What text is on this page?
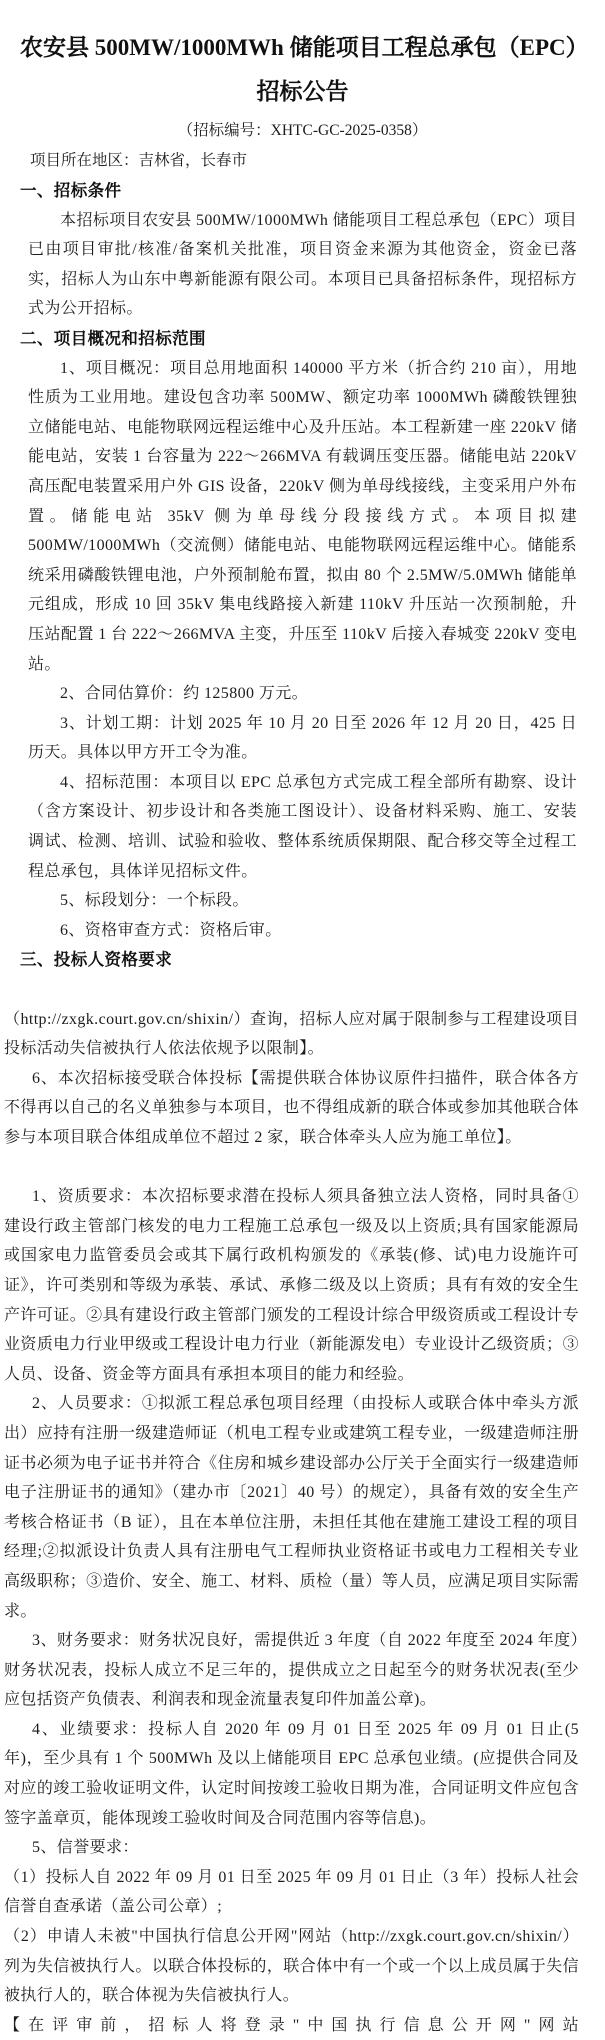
农安县 500MW/1000MWh 储能项目工程总承包（EPC）
招标公告
（招标编号：XHTC-GC-2025-0358）
项目所在地区：吉林省，长春市
一、招标条件
本招标项目农安县 500MW/1000MWh 储能项目工程总承包（EPC）项目已由项目审批/核准/备案机关批准，项目资金来源为其他资金，资金已落实，招标人为山东中粤新能源有限公司。本项目已具备招标条件，现招标方式为公开招标。
二、项目概况和招标范围
1、项目概况：项目总用地面积 140000 平方米（折合约 210 亩），用地性质为工业用地。建设包含功率 500MW、额定功率 1000MWh 磷酸铁锂独立储能电站、电能物联网远程运维中心及升压站。本工程新建一座 220kV 储能电站，安装 1 台容量为 222～266MVA 有载调压变压器。储能电站 220kV 高压配电装置采用户外 GIS 设备，220kV 侧为单母线接线，主变采用户外布置。储能电站 35kV 侧为单母线分段接线方式。本项目拟建 500MW/1000MWh（交流侧）储能电站、电能物联网远程运维中心。储能系统采用磷酸铁锂电池，户外预制舱布置，拟由 80 个 2.5MW/5.0MWh 储能单元组成，形成 10 回 35kV 集电线路接入新建 110kV 升压站一次预制舱，升压站配置 1 台 222～266MVA 主变，升压至 110kV 后接入春城变 220kV 变电站。
2、合同估算价：约 125800 万元。
3、计划工期：计划 2025 年 10 月 20 日至 2026 年 12 月 20 日，425 日历天。具体以甲方开工令为准。
4、招标范围：本项目以 EPC 总承包方式完成工程全部所有勘察、设计（含方案设计、初步设计和各类施工图设计）、设备材料采购、施工、安装调试、检测、培训、试验和验收、整体系统质保期限、配合移交等全过程工程总承包，具体详见招标文件。
5、标段划分：一个标段。
6、资格审查方式：资格后审。
三、投标人资格要求
（http://zxgk.court.gov.cn/shixin/）查询，招标人应对属于限制参与工程建设项目投标活动失信被执行人依法依规予以限制】。
6、本次招标接受联合体投标【需提供联合体协议原件扫描件，联合体各方不得再以自己的名义单独参与本项目，也不得组成新的联合体或参加其他联合体参与本项目联合体组成单位不超过 2 家，联合体牵头人应为施工单位】。
1、资质要求：本次招标要求潜在投标人须具备独立法人资格，同时具备①建设行政主管部门核发的电力工程施工总承包一级及以上资质;具有国家能源局或国家电力监管委员会或其下属行政机构颁发的《承装(修、试)电力设施许可证》，许可类别和等级为承装、承试、承修二级及以上资质；具有有效的安全生产许可证。②具有建设行政主管部门颁发的工程设计综合甲级资质或工程设计专业资质电力行业甲级或工程设计电力行业（新能源发电）专业设计乙级资质；③人员、设备、资金等方面具有承担本项目的能力和经验。
2、人员要求：①拟派工程总承包项目经理（由投标人或联合体中牵头方派出）应持有注册一级建造师证（机电工程专业或建筑工程专业，一级建造师注册证书必须为电子证书并符合《住房和城乡建设部办公厅关于全面实行一级建造师电子注册证书的通知》（建办市〔2021〕40 号）的规定），具备有效的安全生产考核合格证书（B 证），且在本单位注册，未担任其他在建施工建设工程的项目经理;②拟派设计负责人具有注册电气工程师执业资格证书或电力工程相关专业高级职称；③造价、安全、施工、材料、质检（量）等人员，应满足项目实际需求。
3、财务要求：财务状况良好，需提供近 3 年度（自 2022 年度至 2024 年度）财务状况表，投标人成立不足三年的，提供成立之日起至今的财务状况表(至少应包括资产负债表、利润表和现金流量表复印件加盖公章)。
4、业绩要求：投标人自 2020 年 09 月 01 日至 2025 年 09 月 01 日止(5 年)，至少具有 1 个 500MWh 及以上储能项目 EPC 总承包业绩。(应提供合同及对应的竣工验收证明文件，认定时间按竣工验收日期为准，合同证明文件应包含签字盖章页，能体现竣工验收时间及合同范围内容等信息)。
5、信誉要求：
（1）投标人自 2022 年 09 月 01 日至 2025 年 09 月 01 日止（3 年）投标人社会信誉自查承诺（盖公司公章）;
（2）申请人未被"中国执行信息公开网"网站（http://zxgk.court.gov.cn/shixin/）列为失信被执行人。以联合体投标的，联合体中有一个或一个以上成员属于失信被执行人的，联合体视为失信被执行人。
【在评审前，招标人将登录"中国执行信息公开网"网站
